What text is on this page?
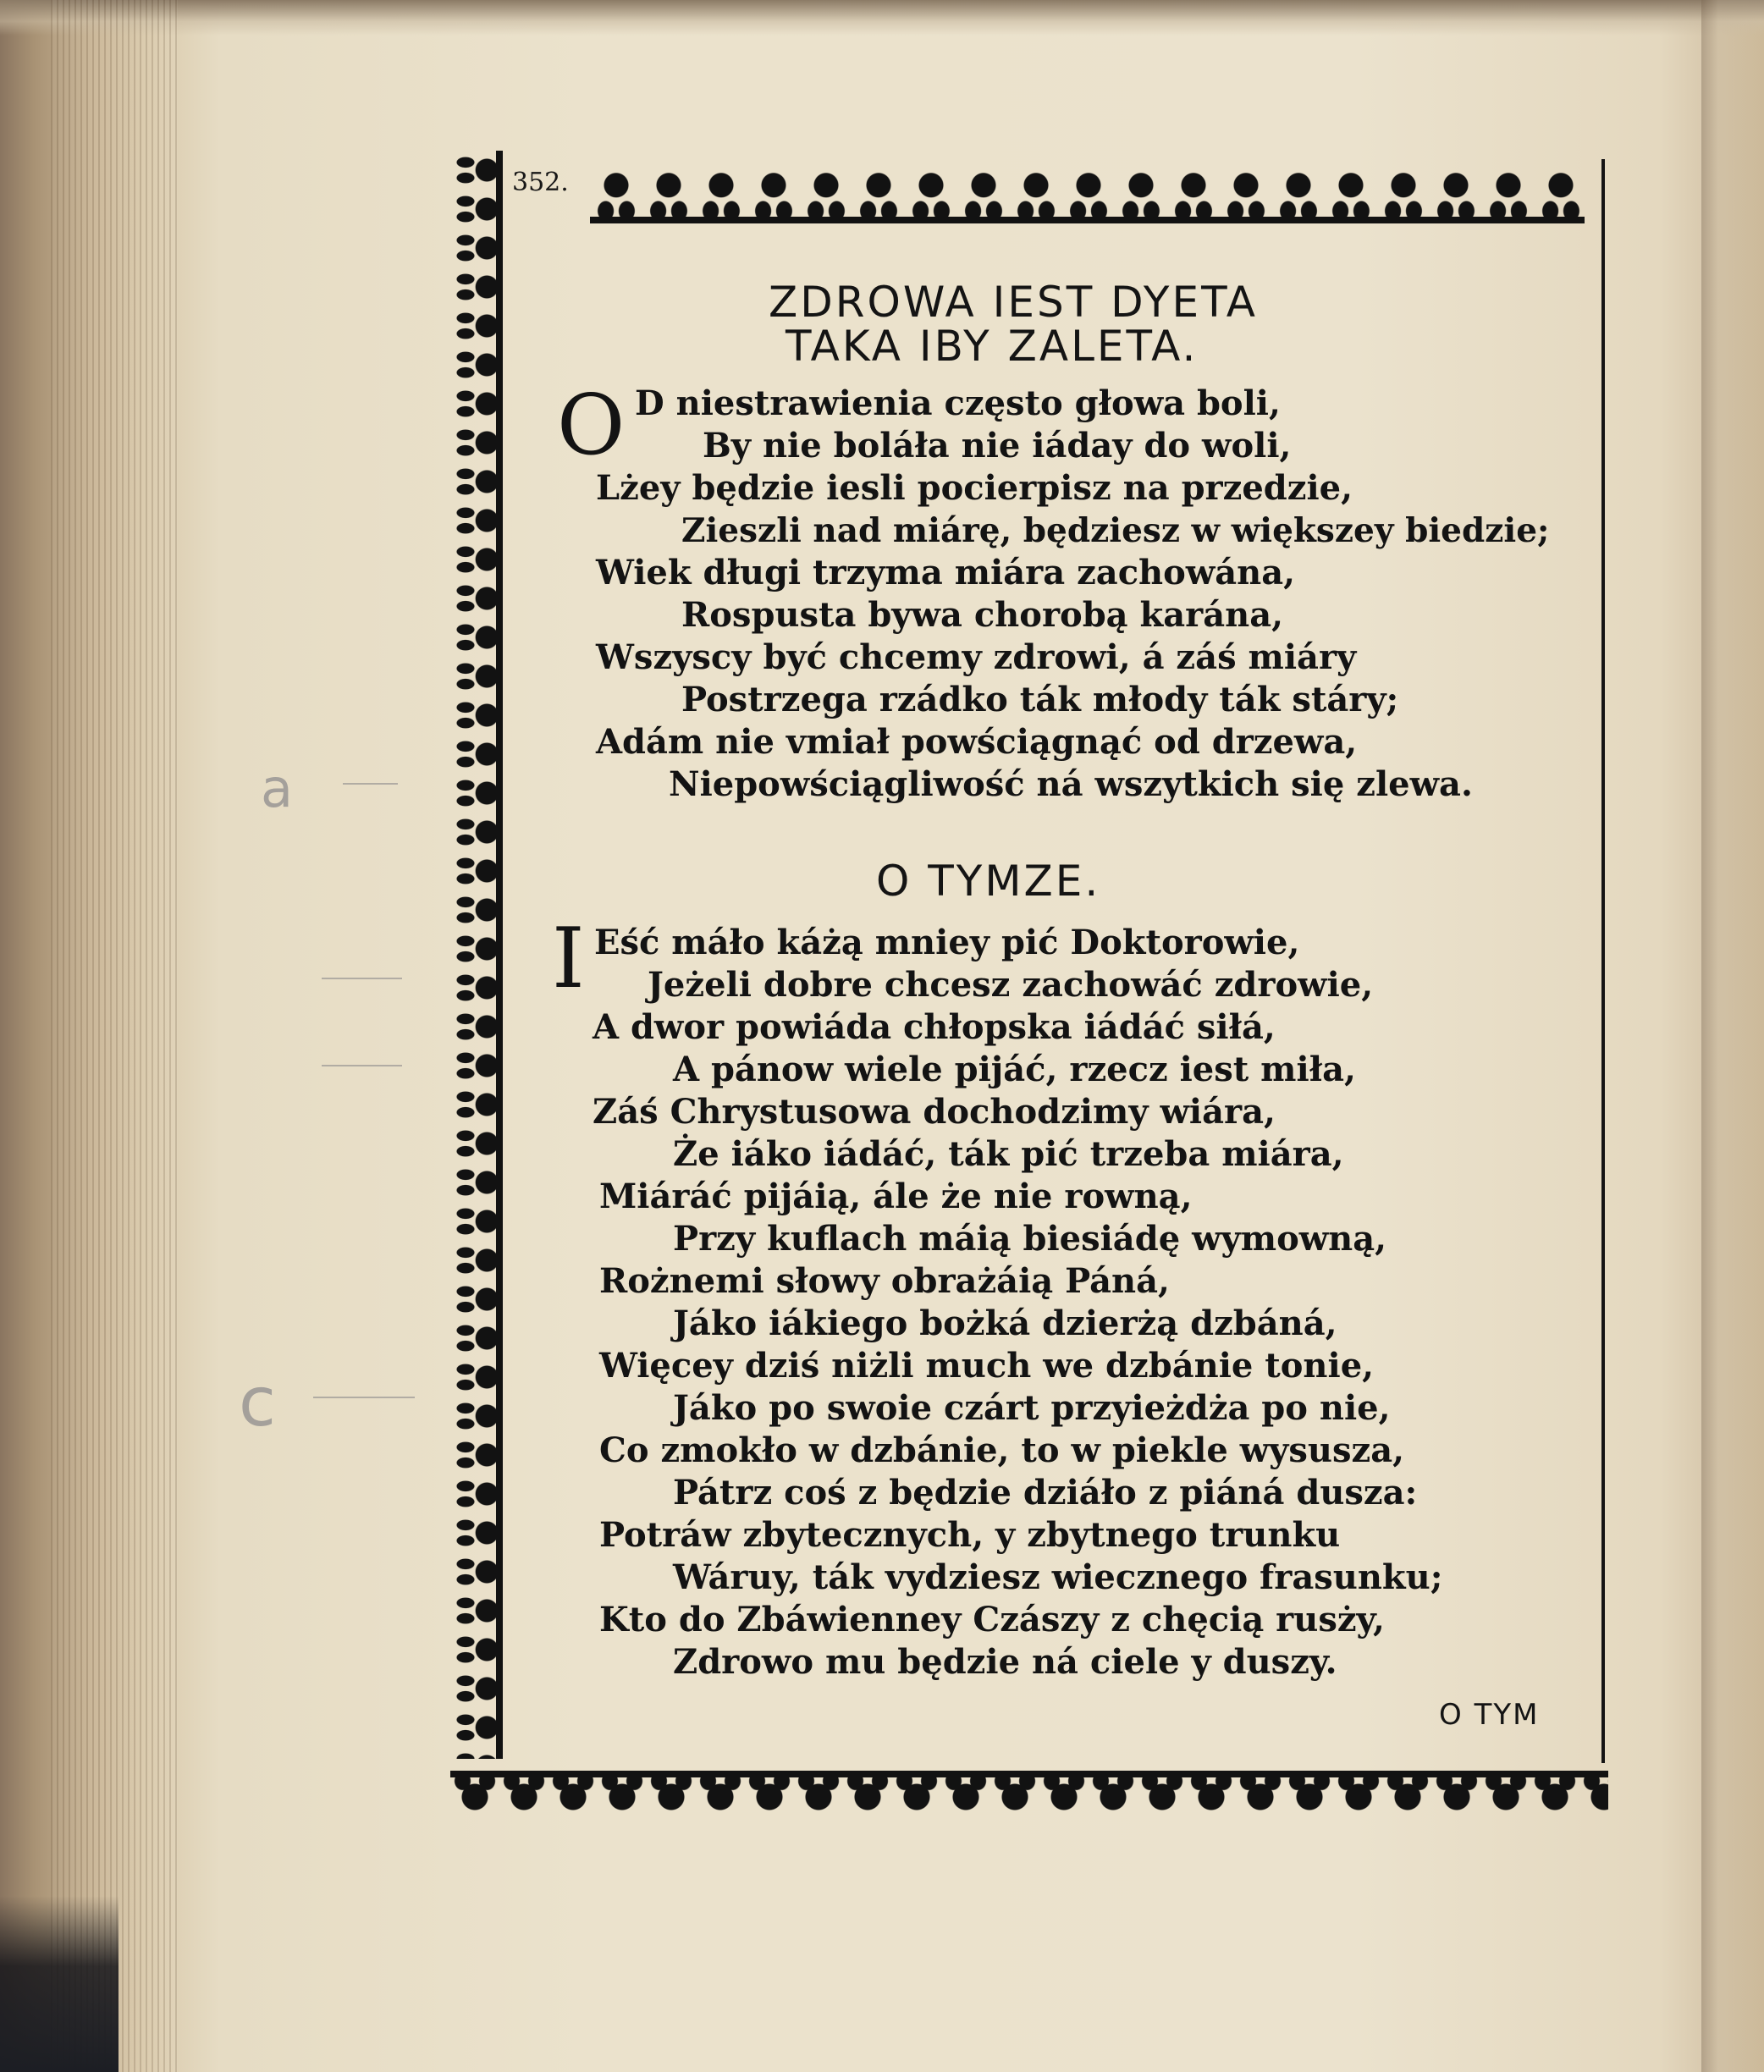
a
c
352.
ZDROWA IEST DYETA
TAKA IBY ZALETA.
O D niestrawienia często głowa boli,
By nie boláła nie iáday do woli,
Lżey będzie iesli pocierpisz na przedzie,
Zieszli nad miárę, będziesz w większey biedzie;
Wiek długi trzyma miára zachowána,
Rospusta bywa chorobą karána,
Wszyscy być chcemy zdrowi, á záś miáry
Postrzega rzádko ták młody ták stáry;
Adám nie vmiał powściągnąć od drzewa,
Niepowściągliwość ná wszytkich się zlewa.
O TYMZE.
I Eść máło káżą mniey pić Doktorowie,
Jeżeli dobre chcesz zachowáć zdrowie,
A dwor powiáda chłopska iádáć siłá,
A pánow wiele pijáć, rzecz iest miła,
Záś Chrystusowa dochodzimy wiára,
Że iáko iádáć, ták pić trzeba miára,
Miáráć pijáią, ále że nie rowną,
Przy kuflach máią biesiádę wymowną,
Rożnemi słowy obrażáią Páná,
Jáko iákiego bożká dzierżą dzbáná,
Więcey dziś niżli much we dzbánie tonie,
Jáko po swoie czárt przyieżdża po nie,
Co zmokło w dzbánie, to w piekle wysusza,
Pátrz coś z będzie dziáło z piáná dusza:
Potráw zbytecznych, y zbytnego trunku
Wáruy, ták vydziesz wiecznego frasunku;
Kto do Zbáwienney Czászy z chęcią rusży,
Zdrowo mu będzie ná ciele y duszy.
O TYM
